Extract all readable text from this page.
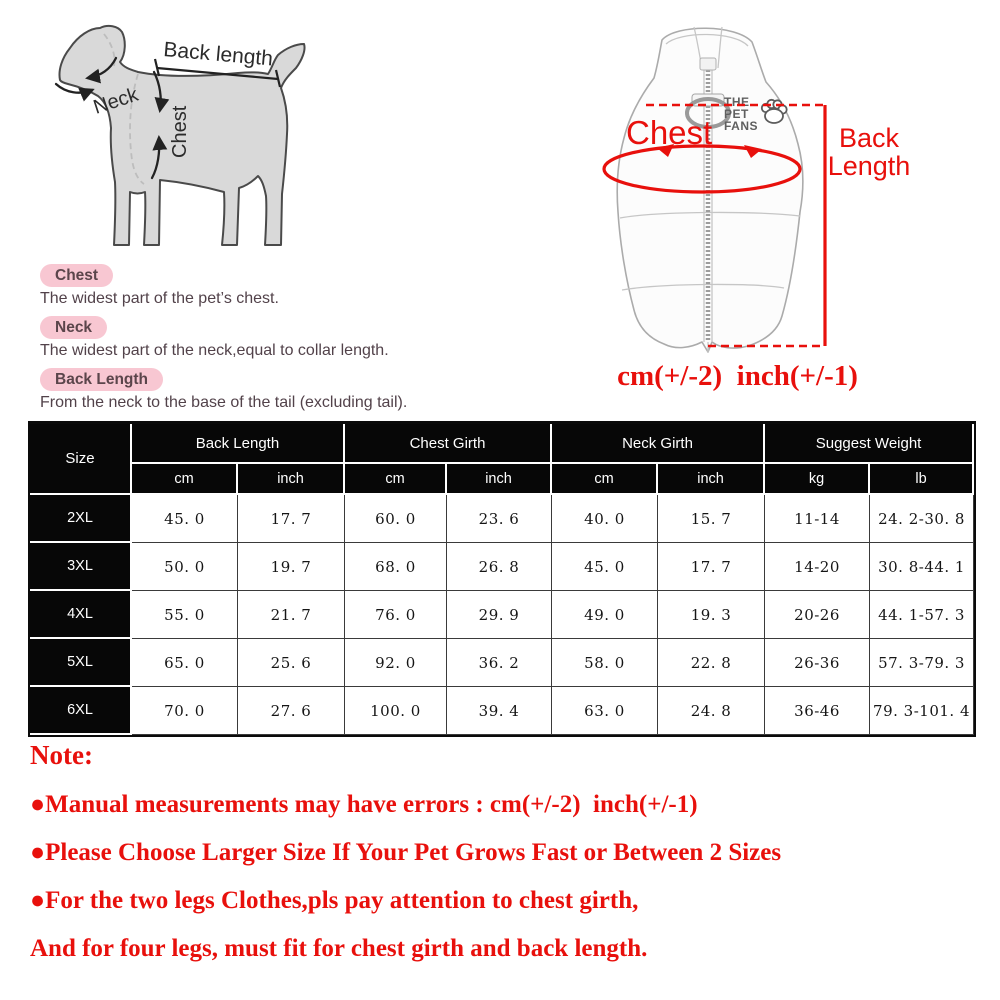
Back length
Neck
Chest
Chest

The widest part of the pet’s chest.

Neck

The widest part of the neck,equal to collar length.

Back Length

From the neck to the base of the tail (excluding tail).

THE
PET
FANS
Chest	Back Length
cm(+/-2)  inch(+/-1)
Size	Back Length		Chest Girth		Neck Girth		Suggest Weight	
	cm	inch	cm	inch	cm	inch	kg	lb
2XL	45. 0	17. 7	60. 0	23. 6	40. 0	15. 7	11-14	24. 2-30. 8
3XL	50. 0	19. 7	68. 0	26. 8	45. 0	17. 7	14-20	30. 8-44. 1
4XL	55. 0	21. 7	76. 0	29. 9	49. 0	19. 3	20-26	44. 1-57. 3
5XL	65. 0	25. 6	92. 0	36. 2	58. 0	22. 8	26-36	57. 3-79. 3
6XL	70. 0	27. 6	100. 0	39. 4	63. 0	24. 8	36-46	79. 3-101. 4

Note:

●Manual measurements may have errors : cm(+/-2)  inch(+/-1)

●Please Choose Larger Size If Your Pet Grows Fast or Between 2 Sizes

●For the two legs Clothes,pls pay attention to chest girth,

And for four legs, must fit for chest girth and back length.
